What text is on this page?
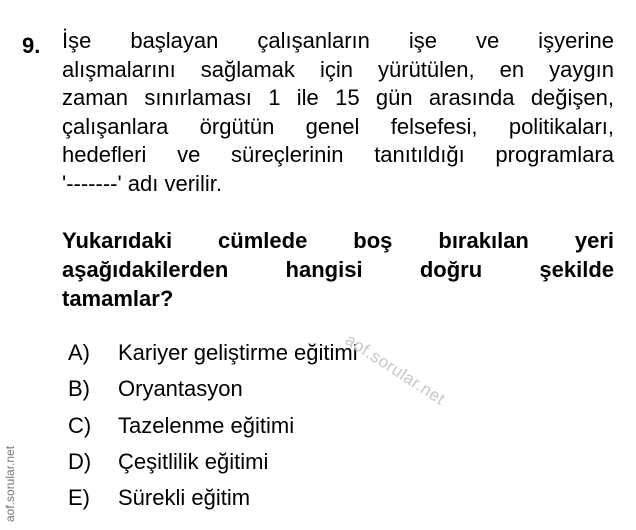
9. İşe başlayan çalışanların işe ve işyerine
alışmalarını sağlamak için yürütülen, en yaygın
zaman sınırlaması 1 ile 15 gün arasında değişen,
çalışanlara örgütün genel felsefesi, politikaları,
hedefleri ve süreçlerinin tanıtıldığı programlara
'-------' adı verilir.
Yukarıdaki cümlede boş bırakılan yeri
aşağıdakilerden hangisi doğru şekilde
tamamlar?
A)	Kariyer geliştirme eğitimi
B)	Oryantasyon
C)	Tazelenme eğitimi
D)	Çeşitlilik eğitimi
E)	Sürekli eğitim
aof.sorular.net
aof.sorular.net
